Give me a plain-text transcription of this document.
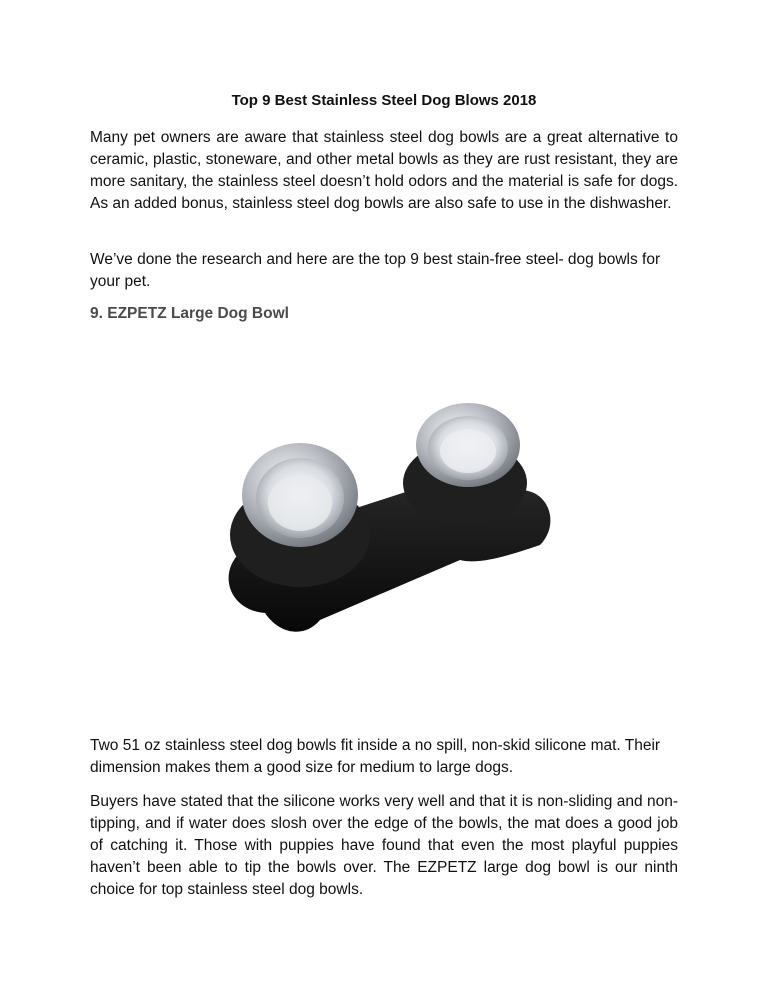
Top 9 Best Stainless Steel Dog Blows 2018

Many pet owners are aware that stainless steel dog bowls are a great alternative to ceramic, plastic, stoneware, and other metal bowls as they are rust resistant, they are more sanitary, the stainless steel doesn’t hold odors and the material is safe for dogs. As an added bonus, stainless steel dog bowls are also safe to use in the dishwasher.

We’ve done the research and here are the top 9 best stain-free steel- dog bowls for your pet.

9. EZPETZ Large Dog Bowl

Two 51 oz stainless steel dog bowls fit inside a no spill, non-skid silicone mat. Their dimension makes them a good size for medium to large dogs.

Buyers have stated that the silicone works very well and that it is non-sliding and non-tipping, and if water does slosh over the edge of the bowls, the mat does a good job of catching it. Those with puppies have found that even the most playful puppies haven’t been able to tip the bowls over. The EZPETZ large dog bowl is our ninth choice for top stainless steel dog bowls.
